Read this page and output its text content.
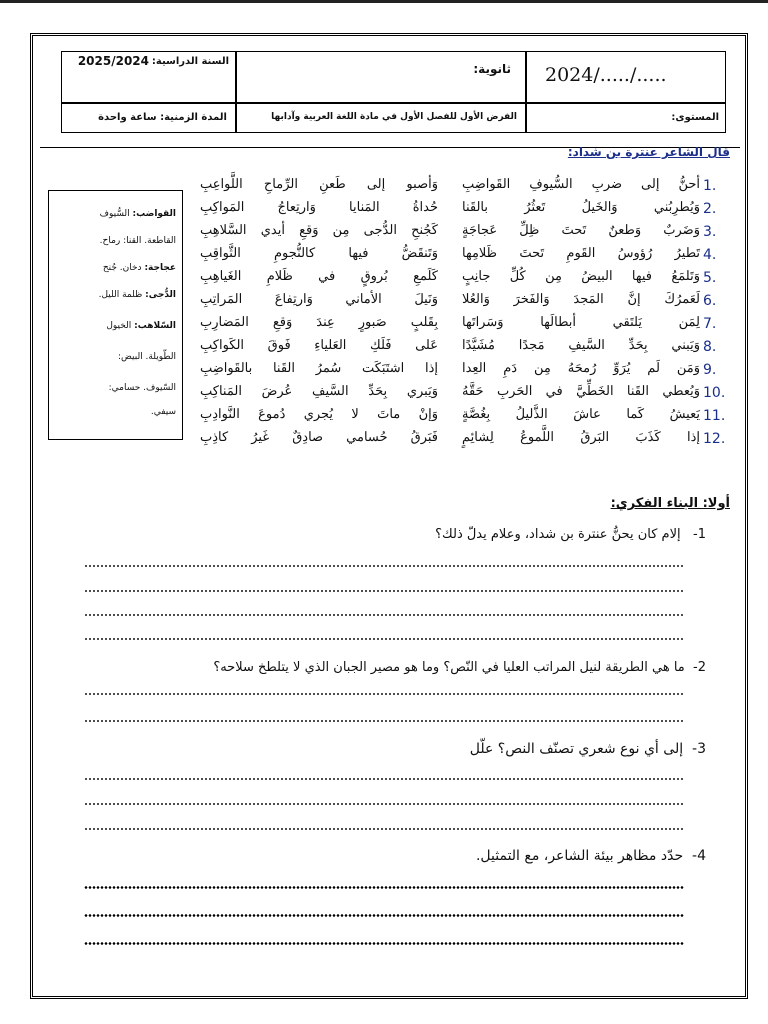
السنة الدراسية:
2025/2024
ثانوية: 2024/...../.....
المدة الزمنية: ساعة واحدة	الفرض الأول للفصل الأول في مادة اللغة العربية وآدابها	المستوى:
قال الشاعر عنترة بن شداد:
1.
أحنُّ إلى ضربِ السُّيوفِ القَواضِبِ
وَأصبو إلى طَعنِ الرِّماحِ اللَّواعِبِ
2.
وَيُطرِبُني وَالخَيلُ تَعثُرُ بالقَنا
حُداةُ المَنايا وَارتِعاجُ المَواكِبِ
3.
وَضَربٌ وَطعنٌ تَحتَ ظِلِّ عَجاجَةٍ
كَجُنحِ الدُّجى مِن وَقعِ أيدي السَّلاهِبِ
4.
تَطيرُ رُؤوسُ القَومِ تَحتَ ظَلامِها
وَتَنقَضُّ فيها كالنُّجومِ الثَّواقِبِ
5.
وَتَلمَعُ فيها البيضُ مِن كُلِّ جانِبٍ
كَلَمعِ بُروقٍ في ظَلامِ الغَياهِبِ
6.
لَعَمرُكَ إنَّ المَجدَ وَالفَخرَ وَالعُلا
وَنَيلَ الأماني وَارتِفاعَ المَراتِبِ
7.
لِمَن يَلتَقي أبطالَها وَسَراتَها
بِقَلبٍ صَبورٍ عِندَ وَقعِ المَضارِبِ
8.
وَيَبني بِحَدِّ السَّيفِ مَجدًا مُشَيَّدًا
عَلى فَلَكِ العَلياءِ فَوقَ الكَواكِبِ
9.
وَمَن لَم يُرَوِّ رُمحَهُ مِن دَمِ العِدا
إذا اشتَبَكَت سُمرُ القَنا بالقَواضِبِ
10.
وَيُعطي القَنا الخَطِّيَّ في الحَربِ حَقَّهُ
وَيَبري بِحَدِّ السَّيفِ عُرضَ المَناكِبِ
11.
يَعيشُ كَما عاشَ الذَّليلُ بِغُصَّةٍ
وَإنْ ماتَ لا يُجري دُموعَ النَّوادِبِ
12.
إذا كَذَبَ البَرقُ اللَّموعُ لِشائِمٍ
فَبَرقُ حُسامي صادِقٌ غَيرُ كاذِبِ
القواضب: السُّيوف
القاطعة. القنا: رماح.
عجاجة: دخان. جُنح
الدُّجى: ظلمة الليل.
السّلاهب: الخيول
الطّويلة. البيض:
السّيوف. حسامي:
سيفي.
أولا: البناء الفكري:
1-   إلام كان يحنُّ عنترة بن شداد، وعلام يدلّ ذلك؟
2-  ما هي الطريقة لنيل المراتب العليا في النّص؟ وما هو مصير الجبان الذي لا يتلطخ سلاحه؟
3-  إلى أي نوع شعري تصنّف النص؟ علّل
4-  حدّد مظاهر بيئة الشاعر، مع التمثيل.
